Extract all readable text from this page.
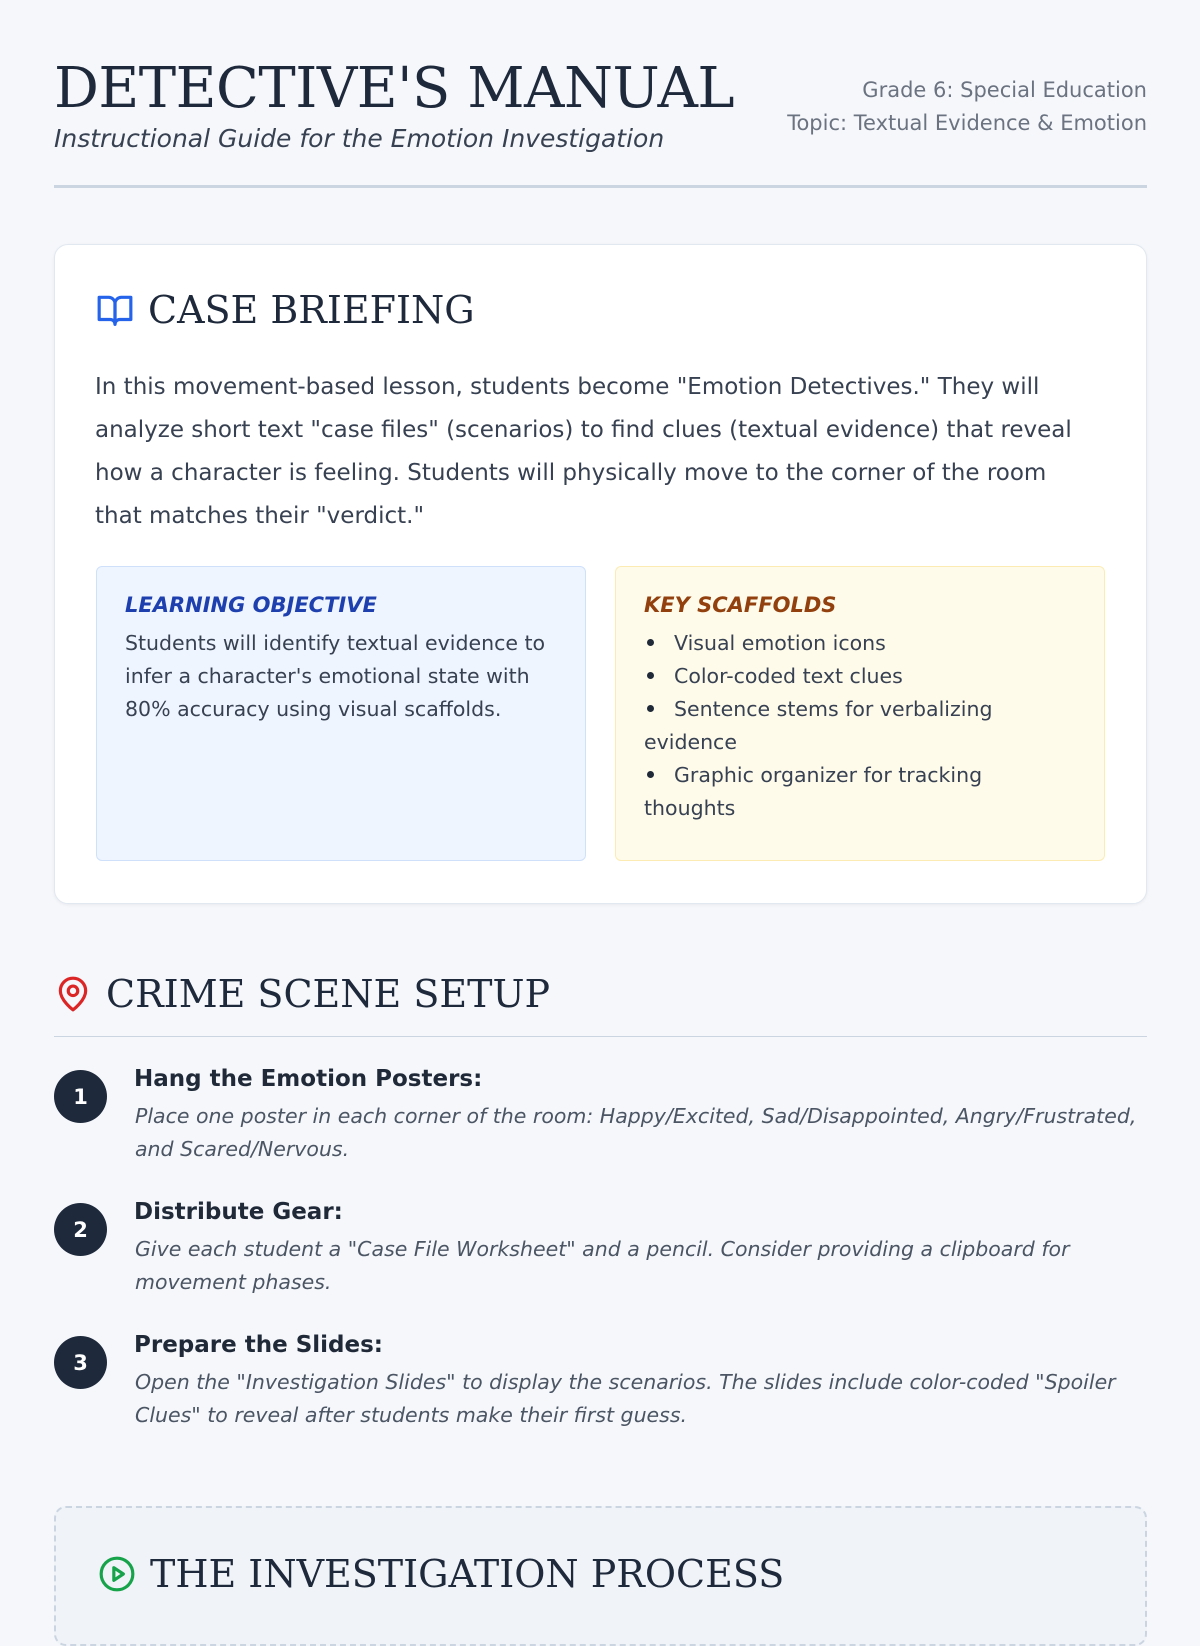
DETECTIVE'S MANUAL
Instructional Guide for the Emotion Investigation
Grade 6: Special Education
Topic: Textual Evidence & Emotion

In this movement-based lesson, students become "Emotion Detectives." They will analyze short text "case files" (scenarios) to find clues (textual evidence) that reveal how a character is feeling. Students will physically move to the corner of the room that matches their "verdict."

LEARNING OBJECTIVE
Students will identify textual evidence to infer a character's emotional state with 80% accuracy using visual scaffolds.
KEY SCAFFOLDS
Visual emotion icons
Color-coded text clues
Sentence stems for verbalizing evidence
Graphic organizer for tracking thoughts
CASE BRIEFING
CRIME SCENE SETUP
1
Hang the Emotion Posters:
Place one poster in each corner of the room: Happy/Excited, Sad/Disappointed, Angry/Frustrated, and Scared/Nervous.
2
Distribute Gear:
Give each student a "Case File Worksheet" and a pencil. Consider providing a clipboard for movement phases.
3
Prepare the Slides:
Open the "Investigation Slides" to display the scenarios. The slides include color-coded "Spoiler Clues" to reveal after students make their first guess.
THE INVESTIGATION PROCESS
